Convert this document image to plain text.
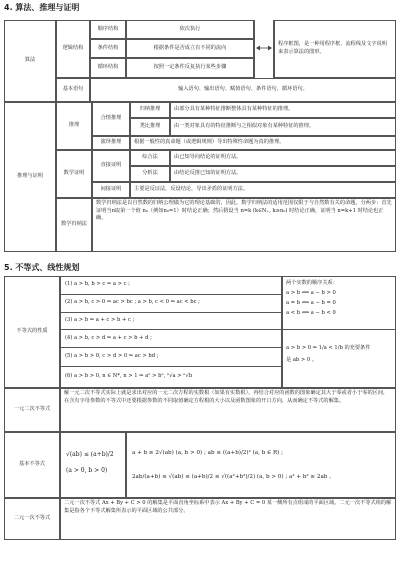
4. 算法、推理与证明
算法
逻辑结构
顺序结构	依次执行
条件结构	根据条件是否成立有不同的流向
循环结构	按照一定条件反复执行某些步骤
程序框图，是一种用程序框、流程线及文字说明来表示算法的图形。
基本语句	输入语句、输出语句、赋值语句、条件语句、循环语句。
推理与证明
推理
合情推理
归纳推理	由部分具有某种特征推断整体具有某种特征的推理。
类比推理	由一类对象具有的特征推断与之相似对象有某种特征的推理。
演绎推理	根据一般性的真命题（或逻辑规则）导出特殊性命题为真的推理。
数学证明
直接证明
综合法	由已知导向结论的证明方法。
分析法	由结论反推已知的证明方法。
间接证明	主要是反证法，反设结论，导出矛盾的证明方法。
数学归纳法
数学归纳法是以自然数的归纳公理做为它的理论基础的，因此，数学归纳法的适用范围仅限于与自然数有关的命题。分两步：首先证明当n取第一个值 n₀（例如n₀=1）时结论正确；然后假设当 n=k (k∈N₊, k≥n₀) 时结论正确，证明当 n=k+1 时结论也正确。
5. 不等式、线性规划
不等式的性质
(1) a > b, b > c ⇒ a > c ;
(2) a > b, c > 0 ⇒ ac > bc ; a > b, c < 0 ⇒ ac < bc ;
(3) a > b ⇒ a + c > b + c ;
(4) a > b, c > d ⇒ a + c > b + d ;
(5) a > b > 0, c > d > 0 ⇒ ac > bd ;
(6) a > b > 0, n ∈ N*, n > 1 ⇒ aⁿ > bⁿ, ⁿ√a > ⁿ√b
两个实数的顺序关系：
a > b ⟺ a − b > 0
a = b ⟺ a − b = 0
a < b ⟺ a − b < 0
a > b > 0 ⇒ 1/a < 1/b 的充要条件
是 ab > 0 。
一元二次不等式
解一元二次不等式实际上就是求出对应的一元二次方程的实数根（如果有实数根），再结合对应的函数的图象确定其大于零或者小于零的区间，在含有字母参数的不等式中还要根据参数的不同取值确定方程根的大小以及函数图象的开口方向，从而确定不等式的解集。
基本不等式
√(ab) ≤ (a+b)/2
(a > 0, b > 0)
a + b ≥ 2√(ab) (a, b > 0) ; ab ≤ ((a+b)/2)² (a, b ∈ R) ;
2ab/(a+b) ≤ √(ab) ≤ (a+b)/2 ≤ √((a²+b²)/2) (a, b > 0) ; a² + b² ≥ 2ab 。
二元一次不等式
二元一次不等式 Ax + By + C > 0 的解集是平面直角坐标系中表示 Ax + By + C = 0 某一侧所有点组成的平面区域。二元一次不等式组的解集是指各个不等式解集所表示的平面区域的公共部分。
